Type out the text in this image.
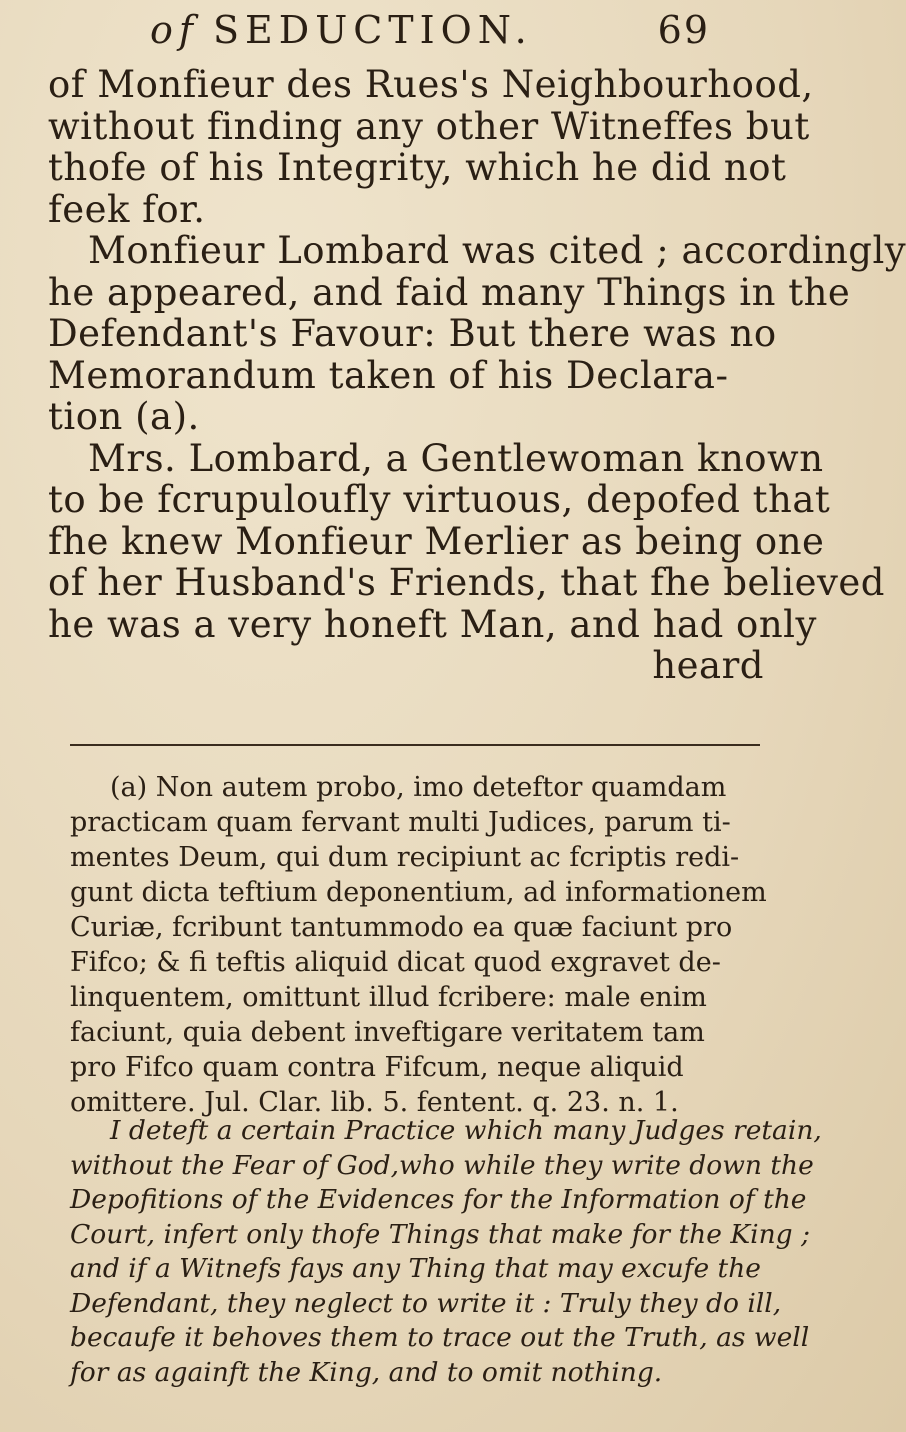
of SEDUCTION.	69
of Monfieur des Rues's Neighbourhood,
without finding any other Witneffes but
thofe of his Integrity, which he did not
feek for.
Monfieur Lombard was cited ; accordingly
he appeared, and faid many Things in the
Defendant's Favour: But there was no
Memorandum taken of his Declara-
tion (a).
Mrs. Lombard, a Gentlewoman known
to be fcrupuloufly virtuous, depofed that
fhe knew Monfieur Merlier as being one
of her Husband's Friends, that fhe believed
he was a very honeft Man, and had only
heard
(a) Non autem probo, imo deteftor quamdam
practicam quam fervant multi Judices, parum ti-
mentes Deum, qui dum recipiunt ac fcriptis redi-
gunt dicta teftium deponentium, ad informationem
Curiæ, fcribunt tantummodo ea quæ faciunt pro
Fifco; & fi teftis aliquid dicat quod exgravet de-
linquentem, omittunt illud fcribere: male enim
faciunt, quia debent inveftigare veritatem tam
pro Fifco quam contra Fifcum, neque aliquid
omittere. Jul. Clar. lib. 5. fentent. q. 23. n. 1.
I deteft a certain Practice which many Judges retain,
without the Fear of God,who while they write down the
Depofitions of the Evidences for the Information of the
Court, infert only thofe Things that make for the King ;
and if a Witnefs fays any Thing that may excufe the
Defendant, they neglect to write it : Truly they do ill,
becaufe it behoves them to trace out the Truth, as well
for as againft the King, and to omit nothing.
